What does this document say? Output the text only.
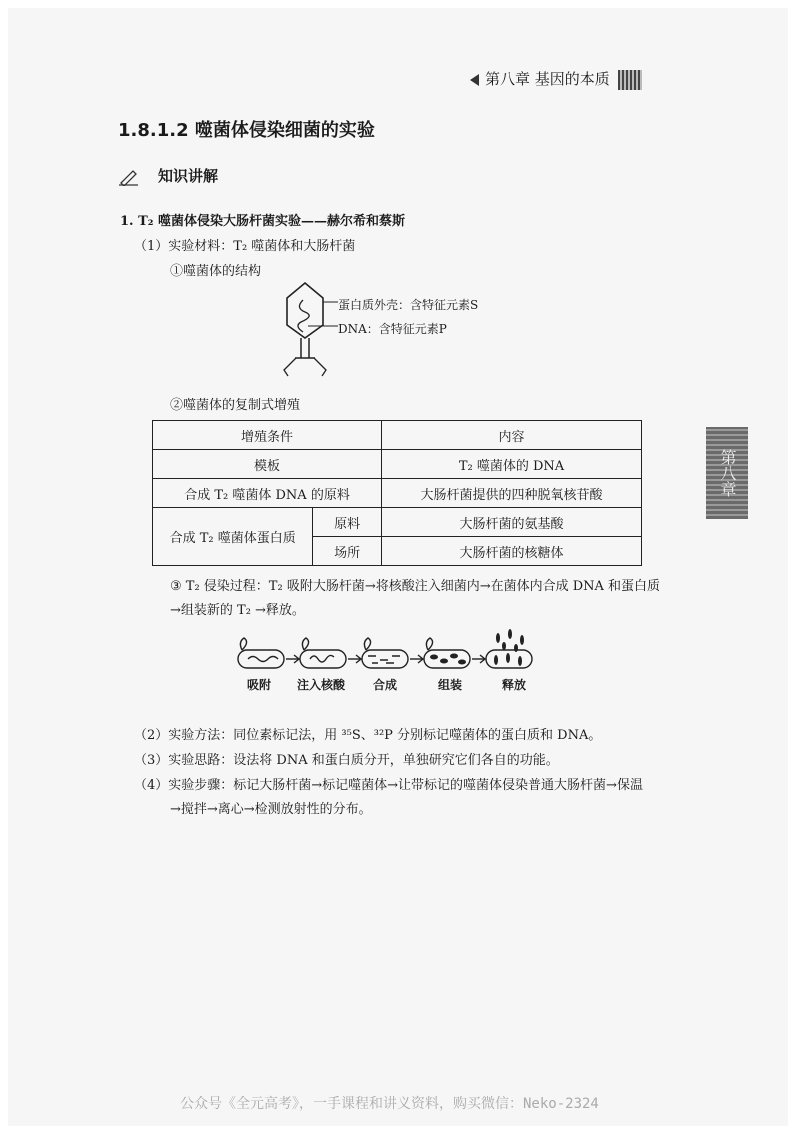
第八章 基因的本质
1.8.1.2 噬菌体侵染细菌的实验
知识讲解
1. T₂ 噬菌体侵染大肠杆菌实验——赫尔希和蔡斯
（1）实验材料：T₂ 噬菌体和大肠杆菌
①噬菌体的结构
蛋白质外壳：含特征元素S
DNA：含特征元素P
②噬菌体的复制式增殖
增殖条件		内容
模板		T₂ 噬菌体的 DNA
合成 T₂ 噬菌体 DNA 的原料		大肠杆菌提供的四种脱氧核苷酸
合成 T₂ 噬菌体蛋白质	原料	大肠杆菌的氨基酸
	场所	大肠杆菌的核糖体
③ T₂ 侵染过程：T₂ 吸附大肠杆菌→将核酸注入细菌内→在菌体内合成 DNA 和蛋白质
→组装新的 T₂ →释放。
吸附	注入核酸	合成	组装	释放
（2）实验方法：同位素标记法，用 ³⁵S、³²P 分别标记噬菌体的蛋白质和 DNA。
（3）实验思路：设法将 DNA 和蛋白质分开，单独研究它们各自的功能。
（4）实验步骤：标记大肠杆菌→标记噬菌体→让带标记的噬菌体侵染普通大肠杆菌→保温
→搅拌→离心→检测放射性的分布。
第八章
公众号《全元高考》，一手课程和讲义资料，购买微信：Neko-2324
